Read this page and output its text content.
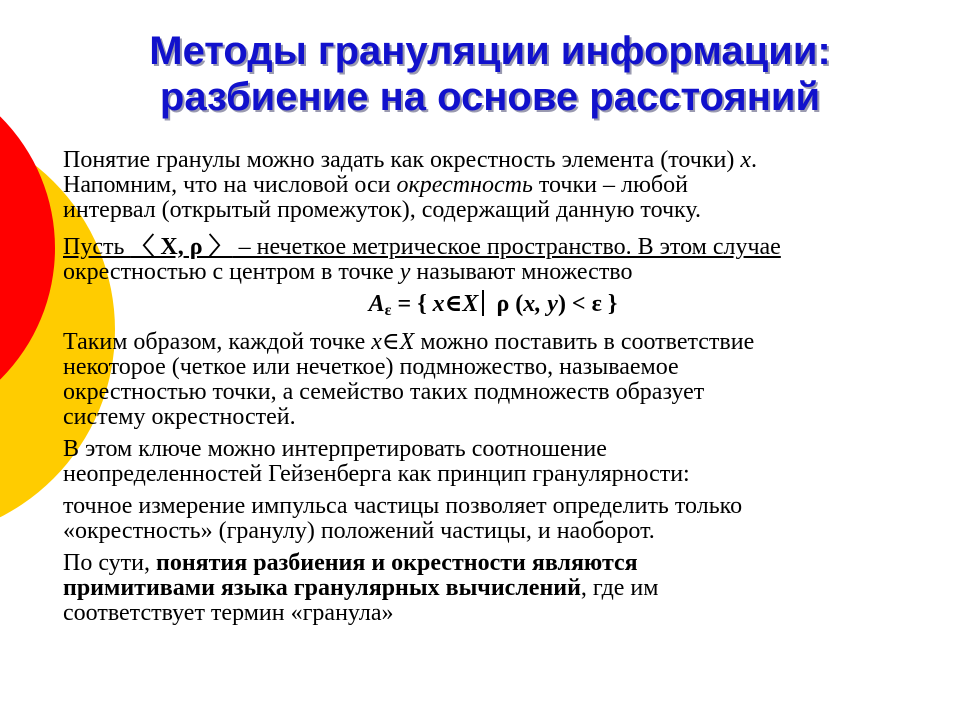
Методы грануляции информации:
разбиение на основе расстояний

Понятие гранулы можно задать как окрестность элемента (точки) x.
Напомним, что на числовой оси окрестность точки – любой
интервал (открытый промежуток), содержащий данную точку.

Пусть 〈 X, ρ 〉 – нечеткое метрическое пространство. В этом случае
окрестностью с центром в точке y называют множество

$A_\varepsilon$ = { x∈X ρ (x, y) < ε }

Таким образом, каждой точке x∈X можно поставить в соответствие
некоторое (четкое или нечеткое) подмножество, называемое
окрестностью точки, а семейство таких подмножеств образует
систему окрестностей.

В этом ключе можно интерпретировать соотношение
неопределенностей Гейзенберга как принцип гранулярности:

точное измерение импульса частицы позволяет определить только
«окрестность» (гранулу) положений частицы, и наоборот.

По сути, понятия разбиения и окрестности являются
примитивами языка гранулярных вычислений, где им
соответствует термин «гранула»
